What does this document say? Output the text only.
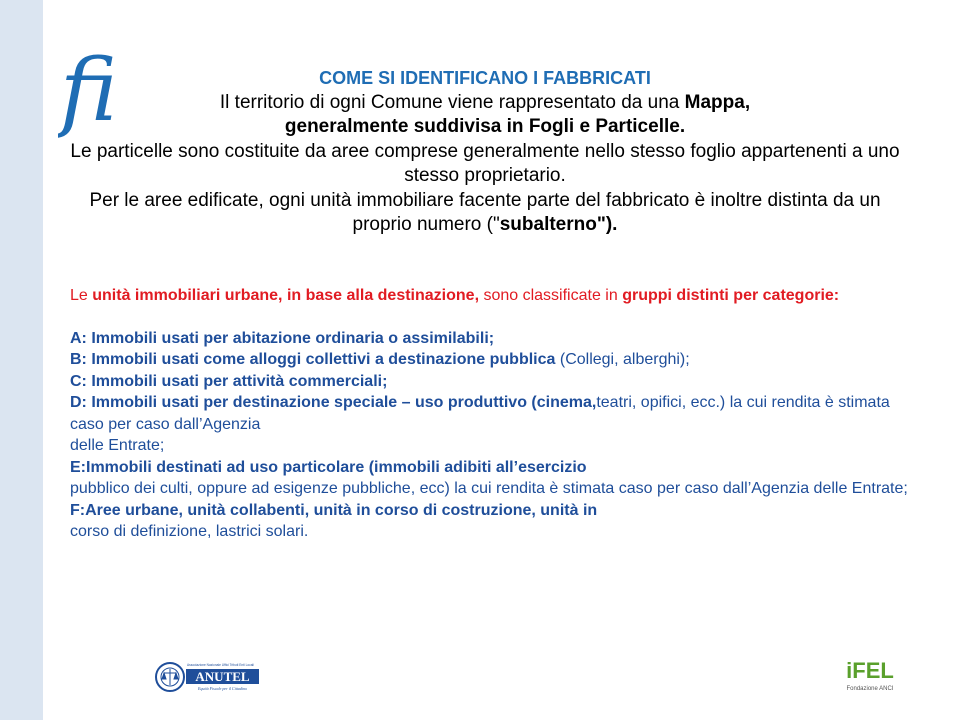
fi	COME SI IDENTIFICANO I FABBRICATI
Il territorio di ogni Comune viene rappresentato da una Mappa,
generalmente suddivisa in Fogli e Particelle.
Le particelle sono costituite da aree comprese generalmente nello stesso foglio appartenenti a uno stesso proprietario.
Per le aree edificate, ogni unità immobiliare facente parte del fabbricato è inoltre distinta da un proprio numero ("subalterno").
Le unità immobiliari urbane, in base alla destinazione, sono classificate in gruppi distinti per categorie:
A: Immobili usati per abitazione ordinaria o assimilabili;
B: Immobili usati come alloggi collettivi a destinazione pubblica (Collegi, alberghi);
C: Immobili usati per attività commerciali;
D: Immobili usati per destinazione speciale – uso produttivo (cinema,teatri, opifici, ecc.) la cui rendita è stimata caso per caso dall’Agenzia
delle Entrate;
E:Immobili destinati ad uso particolare (immobili adibiti all’esercizio
pubblico dei culti, oppure ad esigenze pubbliche, ecc) la cui rendita è stimata caso per caso dall’Agenzia delle Entrate;
F:Aree urbane, unità collabenti, unità in corso di costruzione, unità in
corso di definizione, lastrici solari.
Associazione Nazionale Uffici Tributi Enti Locali
ANUTEL
Equità Fiscale per il Cittadino
iFEL
Fondazione ANCI
